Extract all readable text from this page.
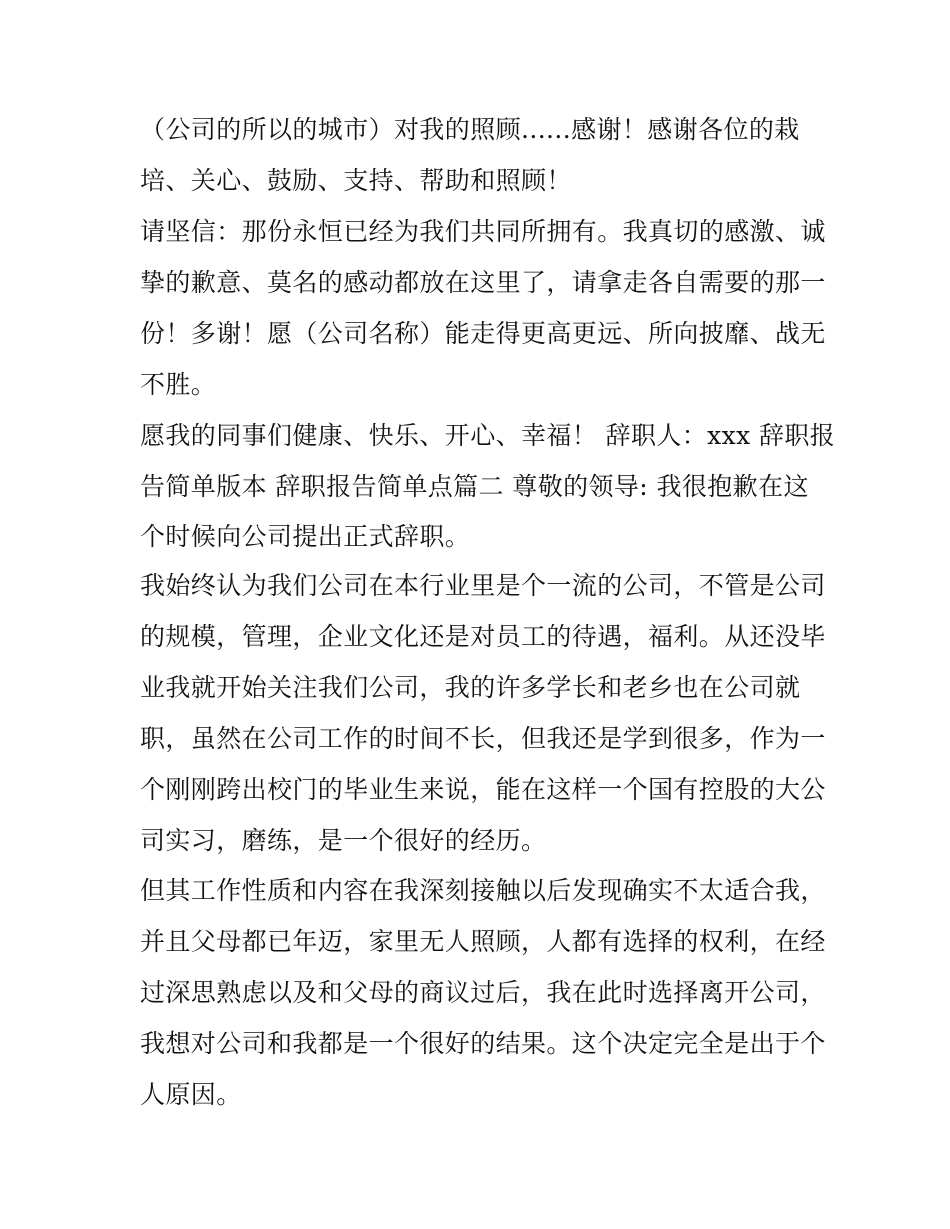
（公司的所以的城市）对我的照顾......感谢！感谢各位的栽
培、关心、鼓励、支持、帮助和照顾！
请坚信：那份永恒已经为我们共同所拥有。我真切的感激、诚
挚的歉意、莫名的感动都放在这里了，请拿走各自需要的那一
份！多谢！愿（公司名称）能走得更高更远、所向披靡、战无
不胜。
愿我的同事们健康、快乐、开心、幸福！ 辞职人：xxx 辞职报
告简单版本 辞职报告简单点篇二 尊敬的领导: 我很抱歉在这
个时候向公司提出正式辞职。
我始终认为我们公司在本行业里是个一流的公司，不管是公司
的规模，管理，企业文化还是对员工的待遇，福利。从还没毕
业我就开始关注我们公司，我的许多学长和老乡也在公司就
职，虽然在公司工作的时间不长，但我还是学到很多，作为一
个刚刚跨出校门的毕业生来说，能在这样一个国有控股的大公
司实习，磨练，是一个很好的经历。
但其工作性质和内容在我深刻接触以后发现确实不太适合我，
并且父母都已年迈，家里无人照顾，人都有选择的权利，在经
过深思熟虑以及和父母的商议过后，我在此时选择离开公司，
我想对公司和我都是一个很好的结果。这个决定完全是出于个
人原因。
